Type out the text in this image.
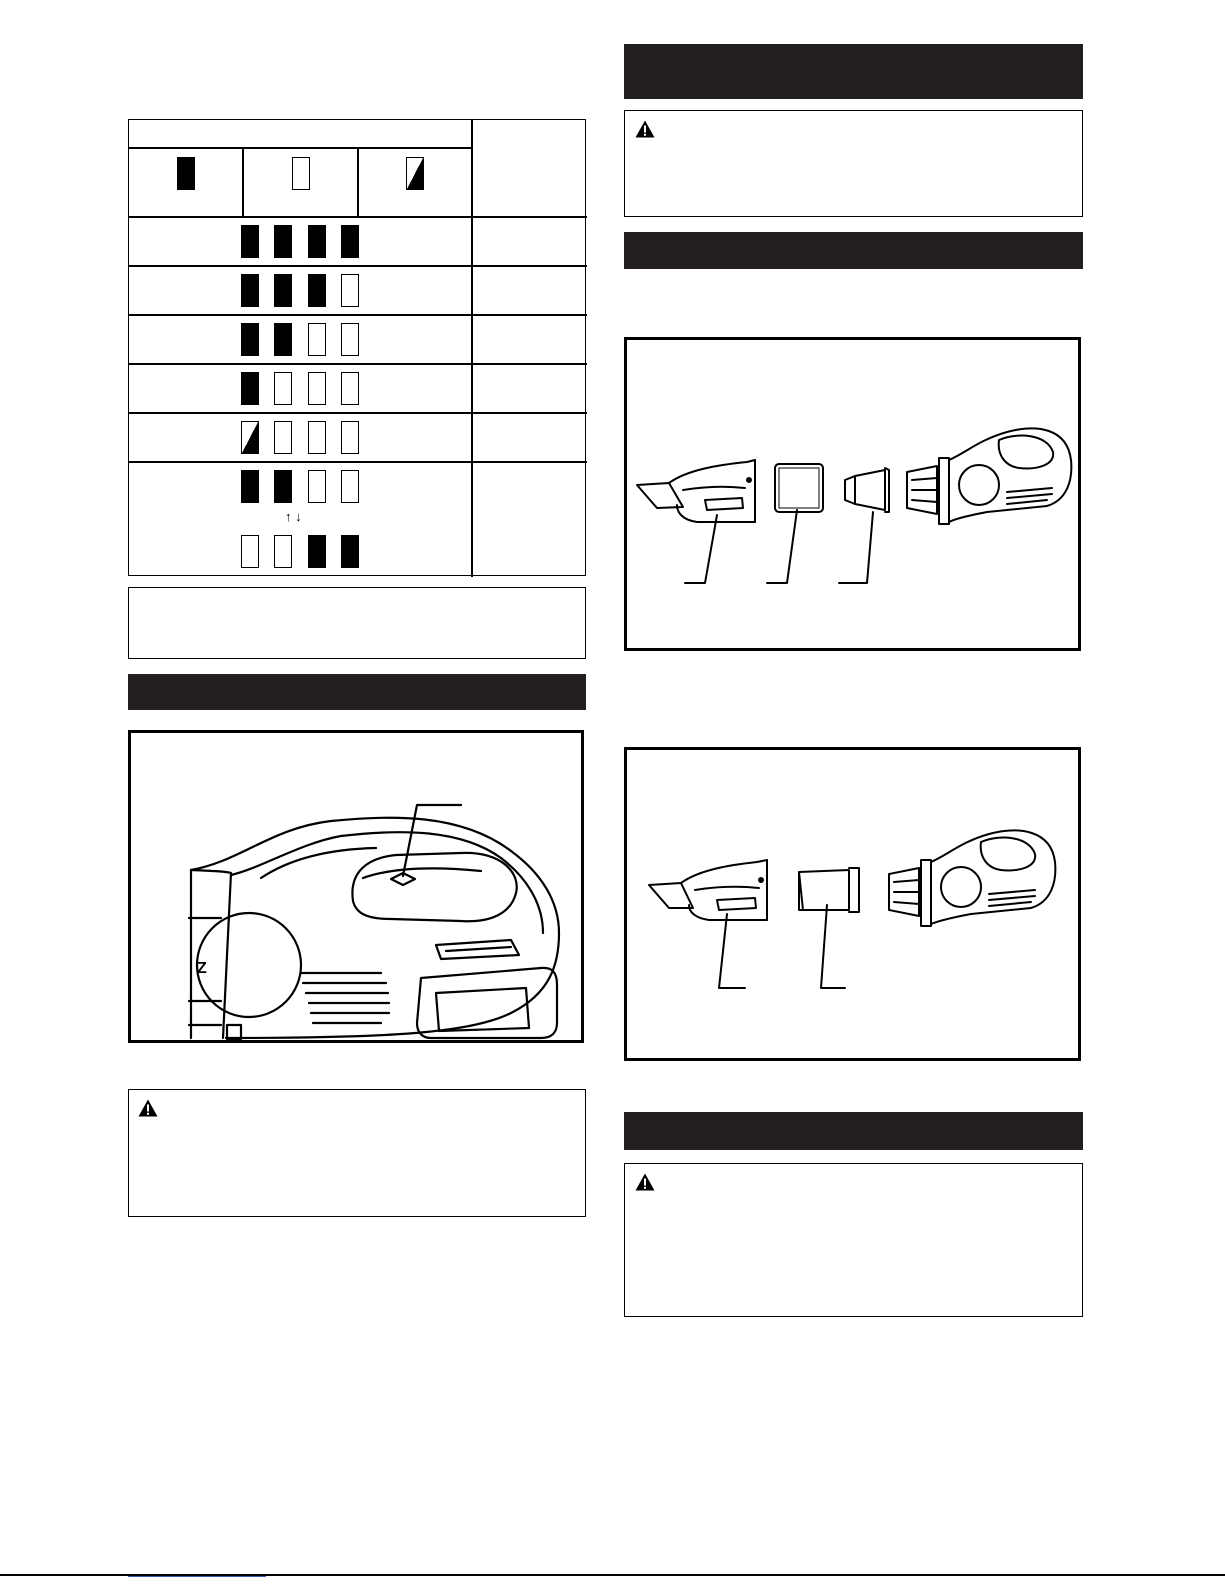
↑ ↓
Z
